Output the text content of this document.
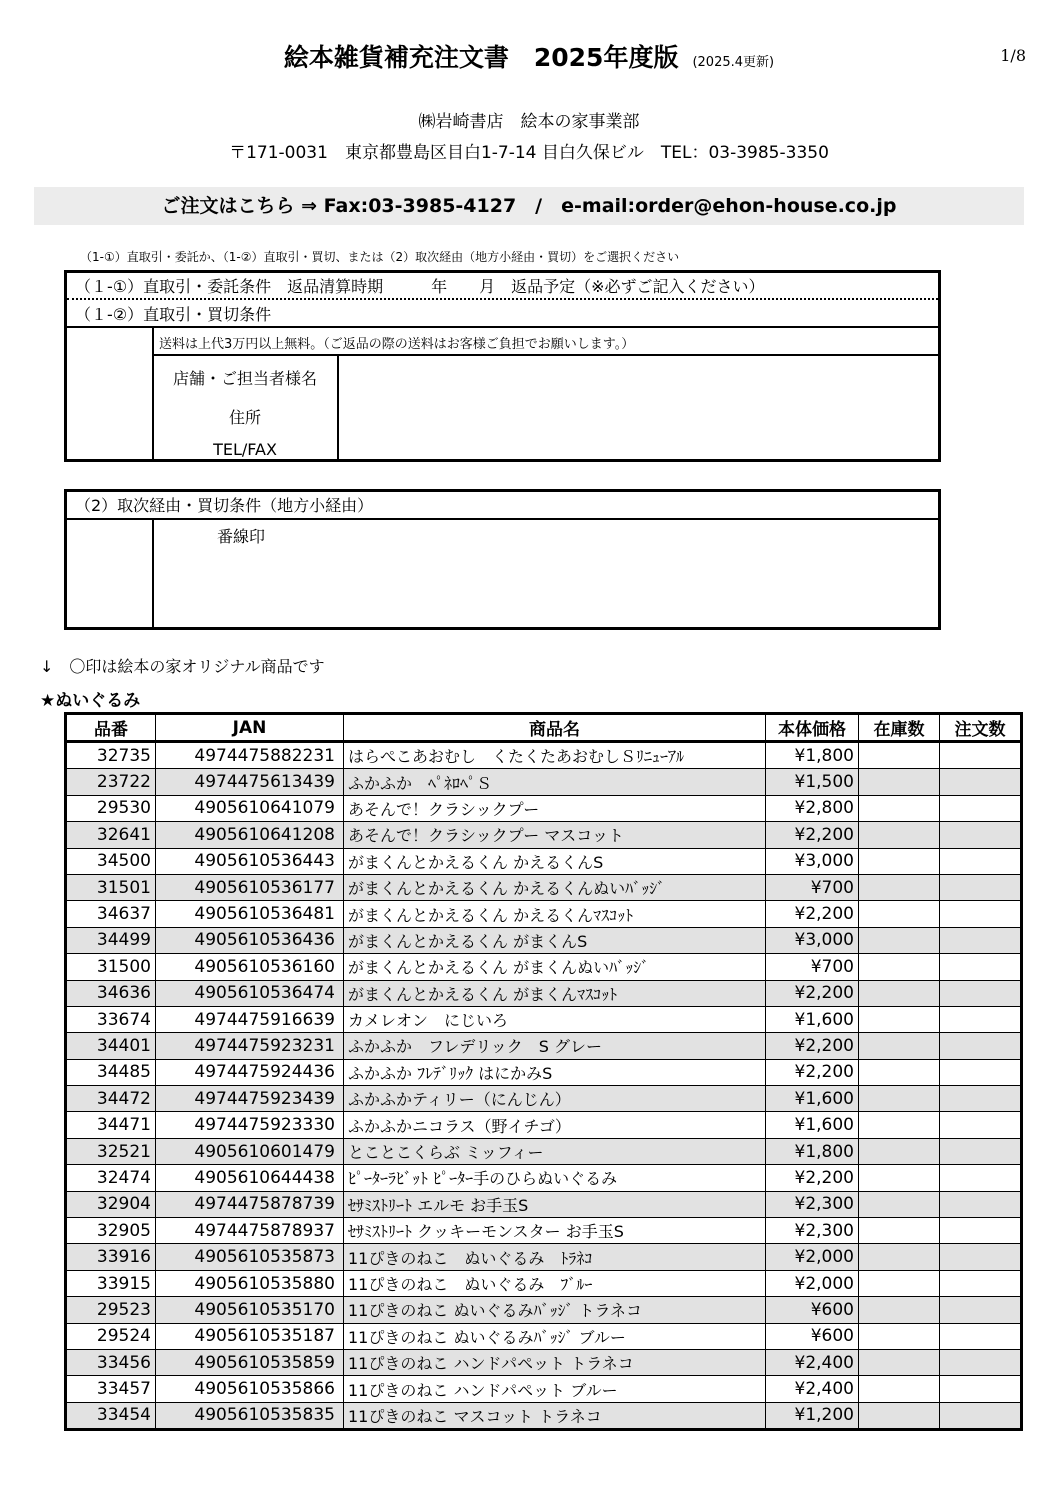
絵本雑貨補充注文書　2025年度版 (2025.4更新)	1/8
㈱岩崎書店　絵本の家事業部
〒171-0031　東京都豊島区目白1-7-14 目白久保ビル　TEL：03-3985-3350
ご注文はこちら ⇒ Fax:03-3985-4127　/　e-mail:order@ehon-house.co.jp
（1-①）直取引・委託か、（1-②）直取引・買切、または（2）取次経由（地方小経由・買切）をご選択ください
（１-①）直取引・委託条件　返品清算時期　　　年　　月　返品予定（※必ずご記入ください）
（１-②）直取引・買切条件
送料は上代3万円以上無料。（ご返品の際の送料はお客様ご負担でお願いします。）
店舗・ご担当者様名
住所
TEL/FAX
（2）取次経由・買切条件（地方小経由）
番線印
↓　〇印は絵本の家オリジナル商品です
★ぬいぐるみ
品番	JAN	商品名	本体価格	在庫数	注文数
32735	4974475882231	はらぺこあおむし　くたくたあおむしＳﾘﾆｭｰｱﾙ	¥1,800		
23722	4974475613439	ふかふか　ﾍﾟﾈﾛﾍﾟＳ	¥1,500		
29530	4905610641079	あそんで！クラシックプー	¥2,800		
32641	4905610641208	あそんで！クラシックプー マスコット	¥2,200		
34500	4905610536443	がまくんとかえるくん かえるくんS	¥3,000		
31501	4905610536177	がまくんとかえるくん かえるくんぬいﾊﾞｯｼﾞ	¥700		
34637	4905610536481	がまくんとかえるくん かえるくんﾏｽｺｯﾄ	¥2,200		
34499	4905610536436	がまくんとかえるくん がまくんS	¥3,000		
31500	4905610536160	がまくんとかえるくん がまくんぬいﾊﾞｯｼﾞ	¥700		
34636	4905610536474	がまくんとかえるくん がまくんﾏｽｺｯﾄ	¥2,200		
33674	4974475916639	カメレオン　にじいろ	¥1,600		
34401	4974475923231	ふかふか　フレデリック　S グレー	¥2,200		
34485	4974475924436	ふかふか ﾌﾚﾃﾞﾘｯｸ はにかみS	¥2,200		
34472	4974475923439	ふかふかティリー（にんじん）	¥1,600		
34471	4974475923330	ふかふかニコラス（野イチゴ）	¥1,600		
32521	4905610601479	とことこくらぶ ミッフィー	¥1,800		
32474	4905610644438	ﾋﾟｰﾀｰﾗﾋﾞｯﾄ ﾋﾟｰﾀｰ手のひらぬいぐるみ	¥2,200		
32904	4974475878739	ｾｻﾐｽﾄﾘｰﾄ エルモ お手玉S	¥2,300		
32905	4974475878937	ｾｻﾐｽﾄﾘｰﾄ クッキーモンスター お手玉S	¥2,300		
33916	4905610535873	11ぴきのねこ　ぬいぐるみ　ﾄﾗﾈｺ	¥2,000		
33915	4905610535880	11ぴきのねこ　ぬいぐるみ　ﾌﾞﾙｰ	¥2,000		
29523	4905610535170	11ぴきのねこ ぬいぐるみﾊﾞｯｼﾞ トラネコ	¥600		
29524	4905610535187	11ぴきのねこ ぬいぐるみﾊﾞｯｼﾞ ブルー	¥600		
33456	4905610535859	11ぴきのねこ ハンドパペット トラネコ	¥2,400		
33457	4905610535866	11ぴきのねこ ハンドパペット ブルー	¥2,400		
33454	4905610535835	11ぴきのねこ マスコット トラネコ	¥1,200		
